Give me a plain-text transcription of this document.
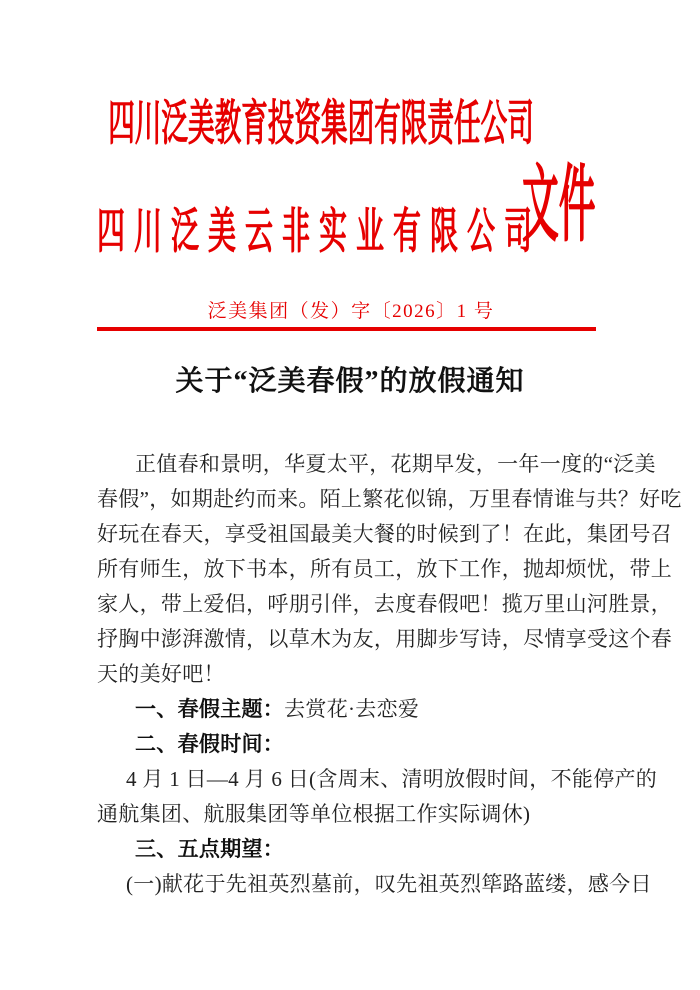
四川泛美教育投资集团有限责任公司
四 川 泛 美 云 非 实 业 有 限 公 司
文件
泛美集团（发）字〔2026〕1 号
关于“泛美春假”的放假通知
正值春和景明，华夏太平，花期早发，一年一度的“泛美
春假”，如期赴约而来。陌上繁花似锦，万里春情谁与共？好吃
好玩在春天，享受祖国最美大餐的时候到了！在此，集团号召
所有师生，放下书本，所有员工，放下工作，抛却烦忧，带上
家人，带上爱侣，呼朋引伴，去度春假吧！揽万里山河胜景，
抒胸中澎湃激情，以草木为友，用脚步写诗，尽情享受这个春
天的美好吧！
一、春假主题：去赏花·去恋爱
二、春假时间：
4 月 1 日—4 月 6 日(含周末、清明放假时间，不能停产的
通航集团、航服集团等单位根据工作实际调休)
三、五点期望：
(一)献花于先祖英烈墓前，叹先祖英烈筚路蓝缕，感今日
